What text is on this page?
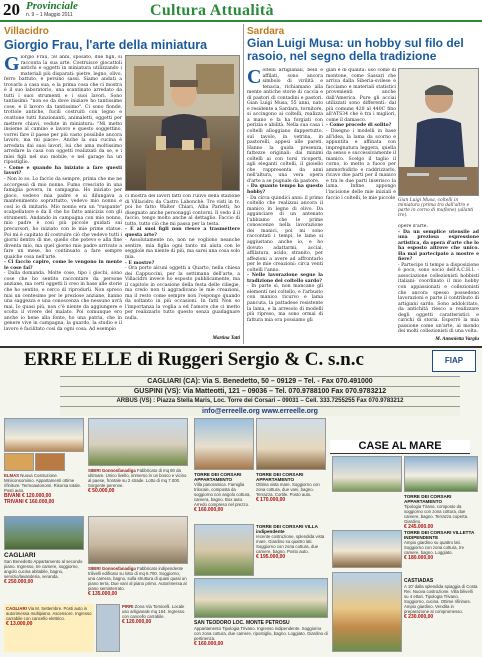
20 Provinciale
n. 9 – 1 Maggio 2011	Cultura Attualità
Villacidro
Giorgio Frau, l'arte della miniatura
G iorgio Frau, 58 anni, sposato, due figli, si racconta la sua arte. Costruisce giocattoli antichi e oggetti in miniatura utilizzando i materiali più disparati: pietre, legno, olivo, ferro battuto, e persino sassi. Siamo andati a trovarlo a casa sua, e la prima cosa che ci mostra è il suo laboratorio, una scantinato arredato da tutti i suoi strumenti e i suoi lavori. Sono tantissimi: "non so da dove iniziare ho tantissime cose, e il lavoro da tantissimo". Ci sono fionde, trottole antiche, fucili costruiti con legno e ovattone tutti funzionanti, animaletti, oggetti per mettere chiavi, vedute in miniatura: "Mi metto insieme al camino e lavoro e questo soggettino, vorrei fare il paese per più vasto possibile ancora lavoro, ma mi piace». Anche la sua cucina è arredata dai suoi lavori, lui che ama moltissimo arredare la casa con oggetti realizzati da se, e i miei figli nel suo mobile, e nel garage ha un ripostiglio.

- Come e quando ha iniziato a fare questi lavori?

- Non lo so. Lo faccio da sempre, prima che me ne accorgessi di mio nonno. Fumo cresciuto in una famiglia povera, in campagna. Ho iniziato per gioco, vedevo mia padre e si dilungava a mantenimento soprattutto, vedevo mio nonno e così io di imitarlo. Mio nonno era un "ruspante" scalpellatore e da lì che ho fatto amicizia con gli strumenti. Andando in campagna con mio nonno, mio padre è così più piccole guidati sui precursori, ho iniziato con le mie prime statue. Poi mi è capitato di costruire ciò che vedevo tutti i giorni dentro di me, quello che potevo e alla fine diventa mio, ma quel giorno mio padre arrivato a fare un mese, ho continuato a fare sempre qualche cosa nell'arte.

- Ci faccio capire, come le vengono in mente le cose fai?

- Dalla domanda. Molte cose, tipo i giochi, sono cose che ho sentito raccontare da persone anziane, ma certi oggetti li creo in base alle storie che ho sentito, e cerco di riprodurli. Non spreco mai un centesimo per le preziose anziane, hanno una saggezza e una conoscenza che nessuno avrà mai. Io quasi più, non c'è niente da aggiungere e scolta il vivere del malato. Poi comunque ero anche io bene alla fonte, ho una patria, che in genere vive in campagna, la guardo, la studio e il lavoro è facilitato così da ogni cosa. Ad esempio

ci mostra dei lavori fatti con l'ulivo della stazione di Villacidro da Castro Labonchè. Tre visti in tv, poi ho fatto Walter Chiari, Alba Parietti; ho disegnato anche personaggi contorni. Il vedo il il faccio, tengo molto anche al dettaglio. Faccio di tutto, tutto ciò che mi passa per la testa.

- E ai suoi figli non riesce a trasmettere questa arte?

- Assolutamente no, non ne vogliono neanche sentire, mia figlia ogni tanto mi aiuta con le seggiole ma niente di più, ma sarei una cosa solo mia.

- E mostre?

- Ora porto alcuni oggetti a Quarto, nella chiesa dei Cappuccini, per la settimana dell'arte, a Villacidro invece ho esposto pubblicamente, ma il capitolo in occasione della festa delle ciliegie, ma credo non ti aggradivano le mie creazioni, ma il resto come sempre non l'espongo quando da soltanto in più occasioni. In fatti Non so l'importanza la voglia a ed l'amore che ci metto per realizzarlo tutto questo senza guadagnare nulla.

Martina Tatti
Sardara
Gian Luigi Musa: un hobby sul filo del rasoio, nel segno della tradizione
C oltelli artigianali, belli e affilati, sono ancora simbolo di virilità e tenacia, richiamano alla mente antiche storie di caccia e di pastori di contadini e pastori. Gian Luigi Musa, 55 anni, nato e residente a Sardara, tornitore, si accingono ai coltelli, realizza a mano e fa ha forgiati con perizia e abilità. Nella sua casa i coltelli alloggiano dappertutto, sul tavolo, in vetrina, in pastorelli, appesi alle pareti. Hanno la guida presenza, fattezze originali: dai minimi coltelli ai con torsi ricoperti, agli eleganti coltelli, il gioiello che rappresenta da anni nell'altura, una vera opera d'arte a se pugnale da pastore.

- Da quanto tempo ha questo hobby?

- Da circa quindici anni: il primo coltello che realizzai ancora il manico in legno di olivo. Da agganciare di un antenato l'abbiamo che le prime conoscenze nella lavorazione dei manici, poi mi sono raccontati i tempi, le lame si aggiustano anche io, e ho dovuto adattarmi, acciai, affilatura, acido, stranito, per affezioni a avere ad affrontarlo per le mie creazioni: circa venti coltelli l'anno.

- Nelle lavorazione segue la tradizione del coltello sardo?

- In parte sì, non mancano gli elementi nel coltello, e l'arbusto con manico ricurvo e lama pancuta, la pattadese resistente la lama, e la arresolo di modelli più ripreso, ma sono ormai di fattura mia ora possiamo gli

gian e di qualità: uso come di montone, come Sassari che arriva dalla Siberia-svilese e facciamo e materiali statistici provenienti anche dall'America. Pure gli acciai utilizzati sono differenti: dal più comune 420 al 440C fino all'ATS34 che è tra i migliori, come il damasco.

- Come procede di solito?

- Disegno i modelli in base all'idea, la lama da scorno e appuntita e affinata con impregnatura leggera, quella da senso e successivamente il manico. Scelgo il taglio il corno, lo metto a fuoco per ammorbidirlo e raddrizzarlo, ricavo due parti per il manico e tra le due parti inserisco la lama. Infine appongo l'incisione delle mie iniziali e faccio i coltelli, le mie piccole Gian Luigi Musa, coltelli in miniatura (prima tra dall'altro e parte in corno di muflone) (allanti tre).

opere d'arte.

- Da un semplice utensile ad una preziosa espressione artistica, da opera d'arte che lo ha esposto altrove che unico. Ha mai partecipato a mostre e fiere?

- Partecipo ti tempo a disposizione è poco, sono socio dell'A.C.H.I. -associazione collezionisti hobbisti italiani- coordinato il mio hobby con appassionati e collezionisti che ancora spesso possedono lavorazioni e parte il contributo di artigiani sardo. Sono addolcitato, da antichità riesco a realizzare degli oggetti caratteristici e carichi di storia. Esporrò la mia passione come un'arte, al mondo dei molti collezionisti di una volta.

M. Antonietta Varglu
ERRE ELLE di Ruggeri Sergio & C. s.n.c	FIAP
CAGLIARI (CA): Via S. Benedetto, 50 – 09129 – Tel. - Fax 070.491000
GUSPINI (VS): Via Matteotti, 121 – 09036 – Tel. 070.9788100 Fax 070.9783212
ARBUS (VS) : Piazza Stella Maris, Loc. Torre dei Corsari – 09031 – Cell. 333.7255255 Fax 070.9783212
info@erreelle.org www.erreelle.org
ELMAS Nuova Costruzione. Miniconsominio. Appartamenti ottime rifiniture. Termoautonomi. Risorsa totale. Posti auto.
BIVANI € 120.000,00
TRIVANI € 160.000,00
SIBIRI Gonnosfanadiga Fabbricato di mq 80 da ultimare. Unico livello, immerso in un bosco e vicino al paese, frontale su 2 strade. Lotto di mq 7.000. Sorgente perenne.
€ 50.000,00
CAGLIARI
San Benedetto Appartamento al secondo piano. Ingresso, tre camere, soggiorno, angolo cucina abitabile, bagno, servizio/lavanderia, veranda.
€ 250.000,00
SIBIRI Gonnosfanadiga Fabbricato indipendente trilivelli edificato su lotto di mq 6.700. Soggiorno, una camera, bagno, sulla struttura di quasi quasi un piano terra. Due vani al piano primo. Autorimessa al piano seminterrato.
€ 135.000,00
CAGLIARI Via M. Settembre. Posti auto in autorimessa multipiano. Ascensore. Ingresso carrabile con cancello elettrico.
€ 13.000,00
PIRRI Zona Via Tomicelli. Locale uso artigianale mq 154. Ingresso con cancello carrabile.
€ 120.000,00
CASE AL MARE
TORRE DEI CORSARI APPARTAMENTO
Villa panoramica. Famiglia trilocale, composta da soggiorno con angolo cottura, camera, bagno. Box auto. Arredo compreso nel prezzo.
€ 160.000,00
TORRE DEI CORSARI APPARTAMENTO
Ottima vista mare. Soggiorno con zona cottura, due vani, bagno. Terrazza. Cortile. Posto auto.
€ 170.000,00
TORRE DEI CORSARI APPARTAMENTO
Tipologia Tirano, composto da soggiorno con zona cottura, due camere, bagno. Terrazza coperta. Giardino.
€ 245.000,00
TORRE DEI CORSARI VILLA indipendente
recente costruzione, splendida vista mare. Giardino su quattro lati. Soggiorno con zona cottura, due camere, bagno. Posto auto.
€ 195.000,00
TORRE DEI CORSARI VILLETTA INDIPENDENTE
Ampio giardino su quattro lati. Soggiorno con zona cottura, tre camere, bagno. Loggiato.
€ 180.000,00
SAN TEODORO LOC. MONTE PETROSU
Appartamento Tipologia Trivano. Ingresso indipendente. Soggiorno con zona cottura, due camere, ripostiglio, bagno. Loggiato. Giardino di pertinenza.
€ 160.000,00
CASTIADAS
A 10' dalla splendida spiaggia di Costa Rei. Nuova costruzione. Villa bilivelli su 4 ettari. Tipologia Trivano. Soggiorno, cucina. Ottime rifiniture. Ampio giardino. Vendita in preparazione al compromesso.
€ 230.000,00
